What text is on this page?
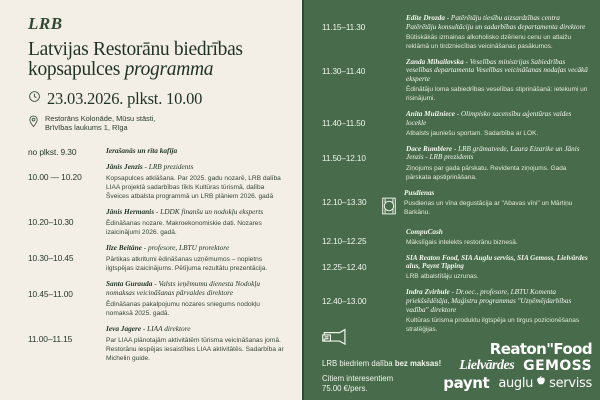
LRB
Latvijas Restorānu biedrības
kopsapulces programma
23.03.2026. plkst. 10.00
Restorāns Kolonāde, Mūsu stāsti,
Brīvības laukums 1, Rīga
no plkst. 9.30	Ierašanās un rīta kafija
10.00 — 10.20
Jānis Jenzis - LRB prezidents
Kopsapulces atklāšana. Par 2025. gadu nozarē, LRB dalība LIAA projektā sadarbības tīkls Kultūras tūrismā, dalība Šveices atbalsta programmā un LRB plāniem 2026. gadā
10.20–10.30
Jānis Hermanis - LDDK finanšu un nodokļu eksperts
Ēdināšanas nozare. Makroekonomiskie dati. Nozares izaicinājumi 2026. gadā.
10.30–10.45
Ilze Beitāne - profesore, LBTU prorektore
Pārtikas atkritumi ēdināšanas uzņēmumos – nopietns ilgtspējas izaicinājums. Pētījuma rezultātu prezentācija.
10.45–11.00
Santa Gurauda - Valsts ieņēmumu dienesta Nodokļu nomaksas veicināšanas pārvaldes direktore
Ēdināšanas pakalpojumu nozares sniegums nodokļu nomaksā 2025. gadā.
11.00–11.15
Ieva Jagere - LIAA direktore
Par LIAA plānotajām aktivitātēm tūrisma veicināšanas jomā. Restorānu iespējas iesaistīties LIAA aktivitātēs. Sadarbība ar Michelin guide.
11.15–11.30
Edīte Drozda - Patērētāju tiesību aizsardzības centra Patērētāju konsultāciju un sadarbības departamenta direktore
Būtiskākās izmaiņas alkoholisko dzērienu cenu un atlaižu reklāmā un tirdzniecības veicināšanas pasākumos.
11.30–11.40
Zanda Mihailovska - Veselības ministrijas Sabiedrības veselības departamenta Veselības veicināšanas nodaļas vecākā eksperte
Ēdinātāju loma sabiedrības veselības stiprināšanā: ietekumi un risinājumi.
11.40–11.50
Anita Muižniece - Olimpisko sacensību aģentūras valdes locekle
Atbalsts jauniešu sportam. Sadarbība ar LOK.
11.50–12.10
Dace Rumblere - LRB grāmatvede, Laura Eizarike un Jānis Jenzis - LRB prezidents
Ziņojums par gada pārskatu. Revidenta ziņojums. Gada pārskata apstiprināšana.
12.10–13.30
Pusdienas
Pusdienas un vīna degustācija ar "Abavas vīni" un Mārtiņu Barkānu.
12.10–12.25
CompuCash
Mākslīgais intelekts restorānu biznesā.
12.25–12.40
SIA Reaton Food, SIA Auglu serviss, SIA Gemoss, Lielvārdes alus, Paynt Tipping
LRB atbalstītāju uzrunas.
12.40–13.00
Indra Zvirbule - Dr.oec., profesore, LBTU Komenta priekšsēdētāja, Maģistru programmas "Uzņēmējdarbības vadība" direktore
Kultūras tūrisma produktu ilgtspēja un tirgus pozicionēšanas stratēģijas.
LRB biedriem dalība bez maksas!
Citiem interesentiem
75.00 €/pers.
Reaton"Food
Lielvārdes GEMOSS
paynt auglu serviss
